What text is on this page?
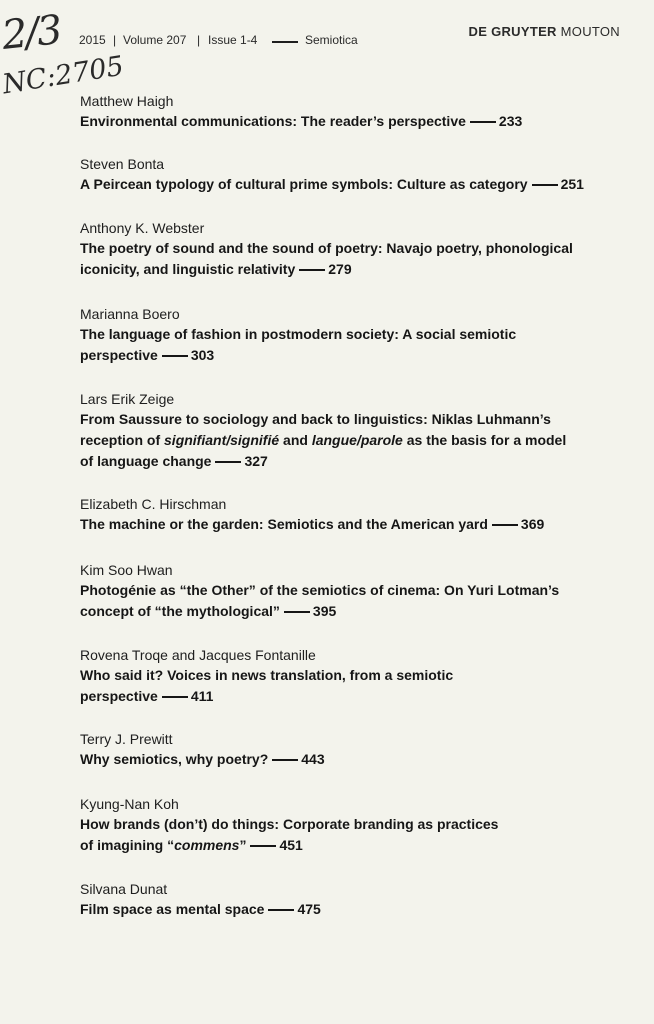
2/3
NC:2705
2015 | Volume 207 | Issue 1-4	Semiotica
DE GRUYTER MOUTON
Matthew Haigh
Environmental communications: The reader’s perspective 233
Steven Bonta
A Peircean typology of cultural prime symbols: Culture as category 251
Anthony K. Webster
The poetry of sound and the sound of poetry: Navajo poetry, phonological
iconicity, and linguistic relativity 279
Marianna Boero
The language of fashion in postmodern society: A social semiotic
perspective 303
Lars Erik Zeige
From Saussure to sociology and back to linguistics: Niklas Luhmann’s
reception of signifiant/signifié and langue/parole as the basis for a model
of language change 327
Elizabeth C. Hirschman
The machine or the garden: Semiotics and the American yard 369
Kim Soo Hwan
Photogénie as “the Other” of the semiotics of cinema: On Yuri Lotman’s
concept of “the mythological” 395
Rovena Troqe and Jacques Fontanille
Who said it? Voices in news translation, from a semiotic
perspective 411
Terry J. Prewitt
Why semiotics, why poetry? 443
Kyung-Nan Koh
How brands (don’t) do things: Corporate branding as practices
of imagining “commens” 451
Silvana Dunat
Film space as mental space 475
